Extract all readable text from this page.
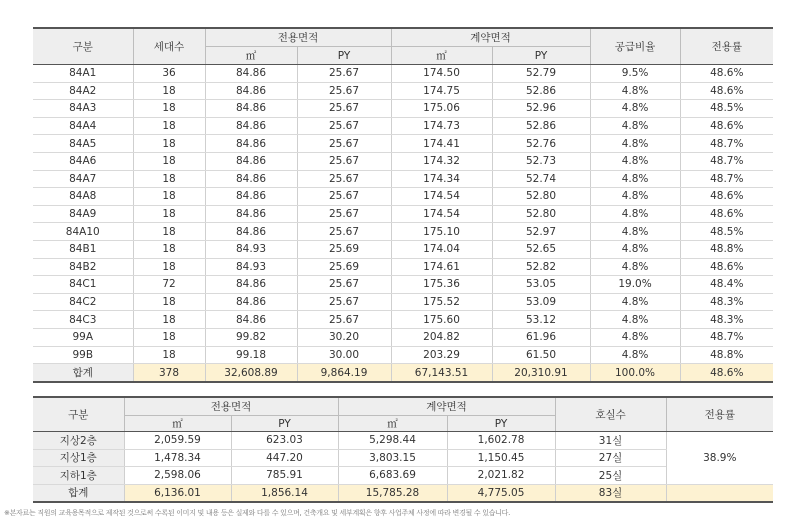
구분	세대수	전용면적		계약면적		공급비율	전용률
		㎡	PY	㎡	PY		
84A1	36	84.86	25.67	174.50	52.79	9.5%	48.6%
84A2	18	84.86	25.67	174.75	52.86	4.8%	48.6%
84A3	18	84.86	25.67	175.06	52.96	4.8%	48.5%
84A4	18	84.86	25.67	174.73	52.86	4.8%	48.6%
84A5	18	84.86	25.67	174.41	52.76	4.8%	48.7%
84A6	18	84.86	25.67	174.32	52.73	4.8%	48.7%
84A7	18	84.86	25.67	174.34	52.74	4.8%	48.7%
84A8	18	84.86	25.67	174.54	52.80	4.8%	48.6%
84A9	18	84.86	25.67	174.54	52.80	4.8%	48.6%
84A10	18	84.86	25.67	175.10	52.97	4.8%	48.5%
84B1	18	84.93	25.69	174.04	52.65	4.8%	48.8%
84B2	18	84.93	25.69	174.61	52.82	4.8%	48.6%
84C1	72	84.86	25.67	175.36	53.05	19.0%	48.4%
84C2	18	84.86	25.67	175.52	53.09	4.8%	48.3%
84C3	18	84.86	25.67	175.60	53.12	4.8%	48.3%
99A	18	99.82	30.20	204.82	61.96	4.8%	48.7%
99B	18	99.18	30.00	203.29	61.50	4.8%	48.8%
합계	378	32,608.89	9,864.19	67,143.51	20,310.91	100.0%	48.6%
구분	전용면적		계약면적		호실수	전용률
	㎡	PY	㎡	PY		
지상2층	2,059.59	623.03	5,298.44	1,602.78	31실	38.9%
지상1층	1,478.34	447.20	3,803.15	1,150.45	27실	
지하1층	2,598.06	785.91	6,683.69	2,021.82	25실	
합계	6,136.01	1,856.14	15,785.28	4,775.05	83실	
※본자료는 직원의 교육용목적으로 제작된 것으로써 수록된 이미지 및 내용 등은 실제와 다를 수 있으며, 건축개요 및 세부계획은 향후 사업주체 사정에 따라 변경될 수 있습니다.
